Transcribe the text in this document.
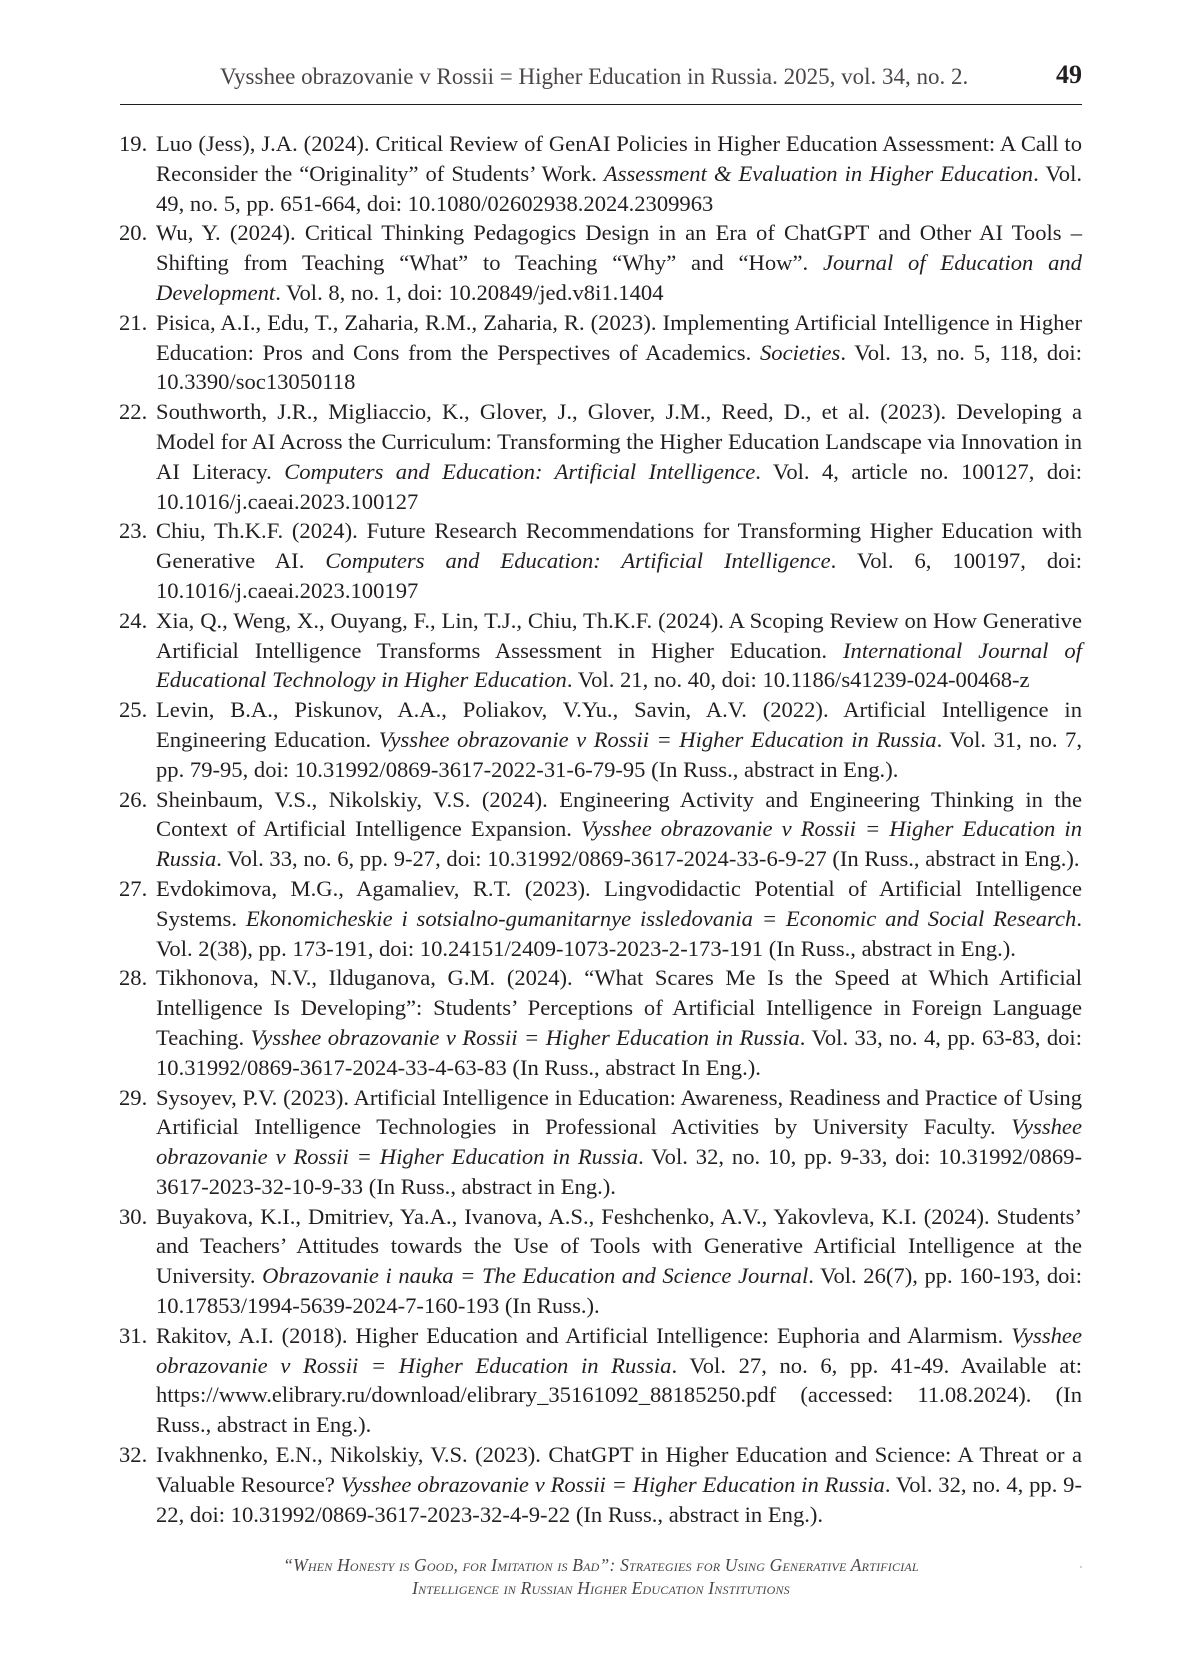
Vysshee obrazovanie v Rossii = Higher Education in Russia. 2025, vol. 34, no. 2.	49

19. Luo (Jess), J.A. (2024). Critical Review of GenAI Policies in Higher Education Assessment: A Call to Reconsider the “Originality” of Students’ Work. Assessment & Evaluation in Higher Education. Vol. 49, no. 5, pp. 651-664, doi: 10.1080/02602938.2024.2309963

20. Wu, Y. (2024). Critical Thinking Pedagogics Design in an Era of ChatGPT and Other AI Tools – Shifting from Teaching “What” to Teaching “Why” and “How”. Journal of Education and Development. Vol. 8, no. 1, doi: 10.20849/jed.v8i1.1404

21. Pisica, A.I., Edu, T., Zaharia, R.M., Zaharia, R. (2023). Implementing Artificial Intelligence in Higher Education: Pros and Cons from the Perspectives of Academics. Societies. Vol. 13, no. 5, 118, doi: 10.3390/soc13050118

22. Southworth, J.R., Migliaccio, K., Glover, J., Glover, J.M., Reed, D., et al. (2023). Developing a Model for AI Across the Curriculum: Transforming the Higher Education Landscape via Innovation in AI Literacy. Computers and Education: Artificial Intelligence. Vol. 4, article no. 100127, doi: 10.1016/j.caeai.2023.100127

23. Chiu, Th.K.F. (2024). Future Research Recommendations for Transforming Higher Education with Generative AI. Computers and Education: Artificial Intelligence. Vol. 6, 100197, doi: 10.1016/j.caeai.2023.100197

24. Xia, Q., Weng, X., Ouyang, F., Lin, T.J., Chiu, Th.K.F. (2024). A Scoping Review on How Generative Artificial Intelligence Transforms Assessment in Higher Education. International Journal of Educational Technology in Higher Education. Vol. 21, no. 40, doi: 10.1186/s41239-024-00468-z

25. Levin, B.A., Piskunov, A.A., Poliakov, V.Yu., Savin, A.V. (2022). Artificial Intelligence in Engineering Education. Vysshee obrazovanie v Rossii = Higher Education in Russia. Vol. 31, no. 7, pp. 79-95, doi: 10.31992/0869-3617-2022-31-6-79-95 (In Russ., abstract in Eng.).

26. Sheinbaum, V.S., Nikolskiy, V.S. (2024). Engineering Activity and Engineering Thinking in the Context of Artificial Intelligence Expansion. Vysshee obrazovanie v Rossii = Higher Education in Russia. Vol. 33, no. 6, pp. 9-27, doi: 10.31992/0869-3617-2024-33-6-9-27 (In Russ., abstract in Eng.).

27. Evdokimova, M.G., Agamaliev, R.T. (2023). Lingvodidactic Potential of Artificial Intelligence Systems. Ekonomicheskie i sotsialno-gumanitarnye issledovania = Economic and Social Research. Vol. 2(38), pp. 173-191, doi: 10.24151/2409-1073-2023-2-173-191 (In Russ., abstract in Eng.).

28. Tikhonova, N.V., Ilduganova, G.M. (2024). “What Scares Me Is the Speed at Which Artificial Intelligence Is Developing”: Students’ Perceptions of Artificial Intelligence in Foreign Language Teaching. Vysshee obrazovanie v Rossii = Higher Education in Russia. Vol. 33, no. 4, pp. 63-83, doi: 10.31992/0869-3617-2024-33-4-63-83 (In Russ., abstract In Eng.).

29. Sysoyev, P.V. (2023). Artificial Intelligence in Education: Awareness, Readiness and Practice of Using Artificial Intelligence Technologies in Professional Activities by University Faculty. Vysshee obrazovanie v Rossii = Higher Education in Russia. Vol. 32, no. 10, pp. 9-33, doi: 10.31992/0869-3617-2023-32-10-9-33 (In Russ., abstract in Eng.).

30. Buyakova, K.I., Dmitriev, Ya.A., Ivanova, A.S., Feshchenko, A.V., Yakovleva, K.I. (2024). Students’ and Teachers’ Attitudes towards the Use of Tools with Generative Artificial Intelligence at the University. Obrazovanie i nauka = The Education and Science Journal. Vol. 26(7), pp. 160-193, doi: 10.17853/1994-5639-2024-7-160-193 (In Russ.).

31. Rakitov, A.I. (2018). Higher Education and Artificial Intelligence: Euphoria and Alarmism. Vysshee obrazovanie v Rossii = Higher Education in Russia. Vol. 27, no. 6, pp. 41-49. Available at: https://www.elibrary.ru/download/elibrary_35161092_88185250.pdf (accessed: 11.08.2024). (In Russ., abstract in Eng.).

32. Ivakhnenko, E.N., Nikolskiy, V.S. (2023). ChatGPT in Higher Education and Science: A Threat or a Valuable Resource? Vysshee obrazovanie v Rossii = Higher Education in Russia. Vol. 32, no. 4, pp. 9-22, doi: 10.31992/0869-3617-2023-32-4-9-22 (In Russ., abstract in Eng.).

“When Honesty is Good, for Imitation is Bad”: Strategies for Using Generative Artificial
Intelligence in Russian Higher Education Institutions
·
